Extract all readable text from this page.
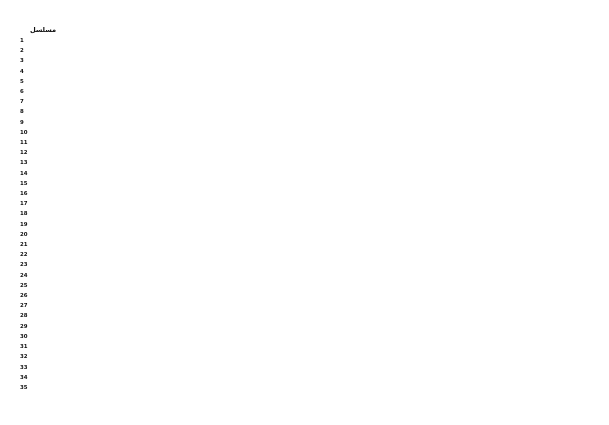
					مسلسل
					1
					2
					3
					4
					5
					6
					7
					8
					9
					10
					11
					12
					13
					14
					15
					16
					17
					18
					19
					20
					21
					22
					23
					24
					25
					26
					27
					28
					29
					30
					31
					32
					33
					34
					35
